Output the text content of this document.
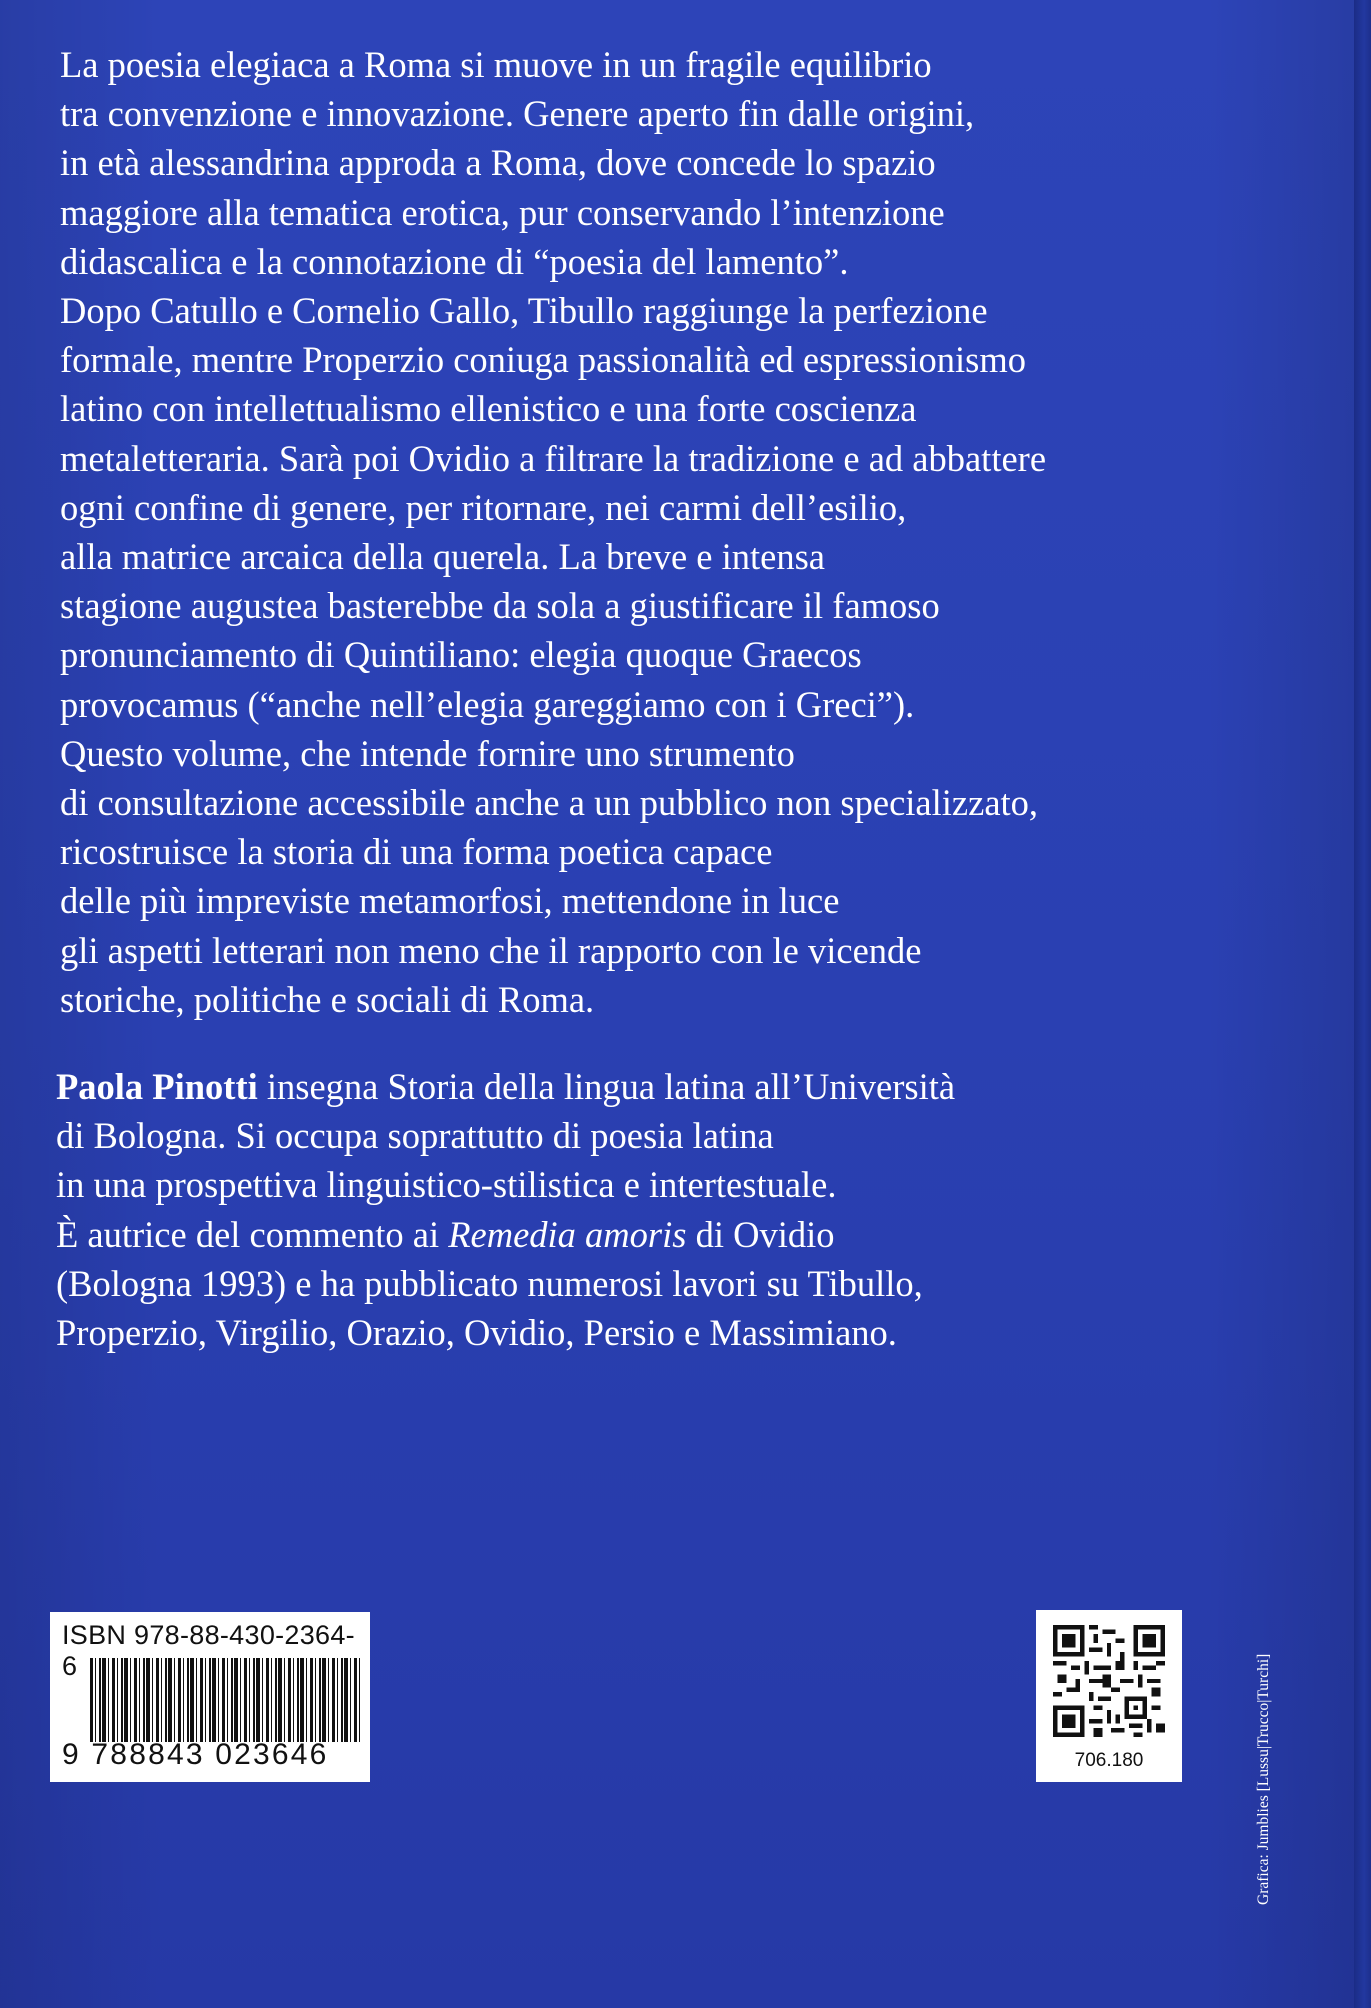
La poesia elegiaca a Roma si muove in un fragile equilibrio
tra convenzione e innovazione. Genere aperto fin dalle origini,
in età alessandrina approda a Roma, dove concede lo spazio
maggiore alla tematica erotica, pur conservando l’intenzione
didascalica e la connotazione di “poesia del lamento”.
Dopo Catullo e Cornelio Gallo, Tibullo raggiunge la perfezione
formale, mentre Properzio coniuga passionalità ed espressionismo
latino con intellettualismo ellenistico e una forte coscienza
metaletteraria. Sarà poi Ovidio a filtrare la tradizione e ad abbattere
ogni confine di genere, per ritornare, nei carmi dell’esilio,
alla matrice arcaica della querela. La breve e intensa
stagione augustea basterebbe da sola a giustificare il famoso
pronunciamento di Quintiliano: elegia quoque Graecos
provocamus (“anche nell’elegia gareggiamo con i Greci”).
Questo volume, che intende fornire uno strumento
di consultazione accessibile anche a un pubblico non specializzato,
ricostruisce la storia di una forma poetica capace
delle più impreviste metamorfosi, mettendone in luce
gli aspetti letterari non meno che il rapporto con le vicende
storiche, politiche e sociali di Roma.
Paola Pinotti insegna Storia della lingua latina all’Università
di Bologna. Si occupa soprattutto di poesia latina
in una prospettiva linguistico-stilistica e intertestuale.
È autrice del commento ai Remedia amoris di Ovidio
(Bologna 1993) e ha pubblicato numerosi lavori su Tibullo,
Properzio, Virgilio, Orazio, Ovidio, Persio e Massimiano.
ISBN 978-88-430-2364-6
9 788843 023646	706.180	Grafica: Jumblies [Lussu|Trucco|Turchi]
